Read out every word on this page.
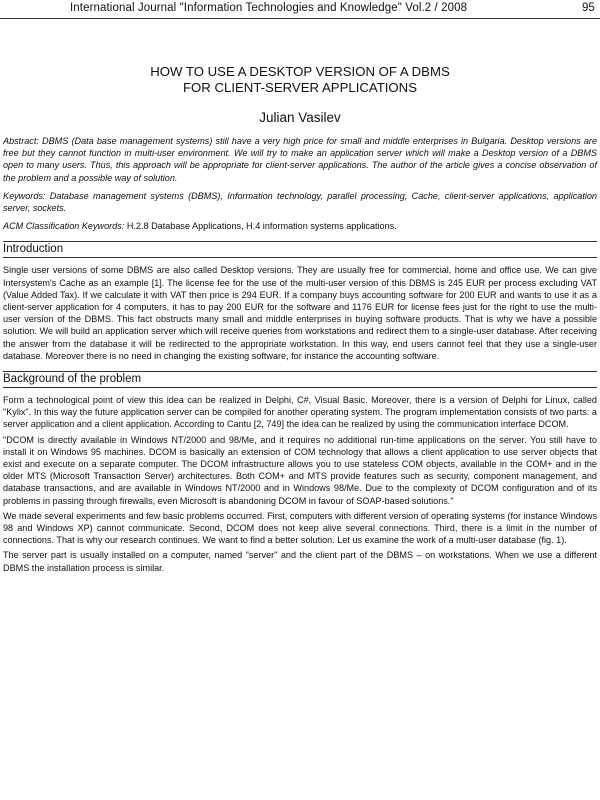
International Journal "Information Technologies and Knowledge" Vol.2 / 2008	95
HOW TO USE A DESKTOP VERSION OF A DBMS
FOR CLIENT-SERVER APPLICATIONS
Julian Vasilev

Abstract: DBMS (Data base management systems) still have a very high price for small and middle enterprises in Bulgaria. Desktop versions are free but they cannot function in multi-user environment. We will try to make an application server which will make a Desktop version of a DBMS open to many users. Thus, this approach will be appropriate for client-server applications. The author of the article gives a concise observation of the problem and a possible way of solution.

Keywords: Database management systems (DBMS), Information technology, parallel processing, Cache, client-server applications, application server, sockets.

ACM Classification Keywords: H.2.8 Database Applications, H.4 information systems applications.

Introduction

Single user versions of some DBMS are also called Desktop versions. They are usually free for commercial, home and office use. We can give Intersystem's Cache as an example [1]. The license fee for the use of the multi-user version of this DBMS is 245 EUR per process excluding VAT (Value Added Tax). If we calculate it with VAT then price is 294 EUR. If a company buys accounting software for 200 EUR and wants to use it as a client-server application for 4 computers, it has to pay 200 EUR for the software and 1176 EUR for license fees just for the right to use the multi-user version of the DBMS. This fact obstructs many small and middle enterprises in buying software products. That is why we have a possible solution. We will build an application server which will receive queries from workstations and redirect them to a single-user database. After receiving the answer from the database it will be redirected to the appropriate workstation. In this way, end users cannot feel that they use a single-user database. Moreover there is no need in changing the existing software, for instance the accounting software.

Background of the problem

Form a technological point of view this idea can be realized in Delphi, C#, Visual Basic. Moreover, there is a version of Delphi for Linux, called "Kylix". In this way the future application server can be compiled for another operating system. The program implementation consists of two parts: a server application and a client application. According to Cantu [2, 749] the idea can be realized by using the communication interface DCOM.

"DCOM is directly available in Windows NT/2000 and 98/Me, and it requires no additional run-time applications on the server. You still have to install it on Windows 95 machines. DCOM is basically an extension of COM technology that allows a client application to use server objects that exist and execute on a separate computer. The DCOM infrastructure allows you to use stateless COM objects, available in the COM+ and in the older MTS (Microsoft Transaction Server) architectures. Both COM+ and MTS provide features such as security, component management, and database transactions, and are available in Windows NT/2000 and in Windows 98/Me. Due to the complexity of DCOM configuration and of its problems in passing through firewalls, even Microsoft is abandoning DCOM in favour of SOAP-based solutions."

We made several experiments and few basic problems occurred. First, computers with different version of operating systems (for instance Windows 98 and Windows XP) cannot communicate. Second, DCOM does not keep alive several connections. Third, there is a limit in the number of connections. That is why our research continues. We want to find a better solution. Let us examine the work of a multi-user database (fig. 1).

The server part is usually installed on a computer, named "server" and the client part of the DBMS – on workstations. When we use a different DBMS the installation process is similar.
